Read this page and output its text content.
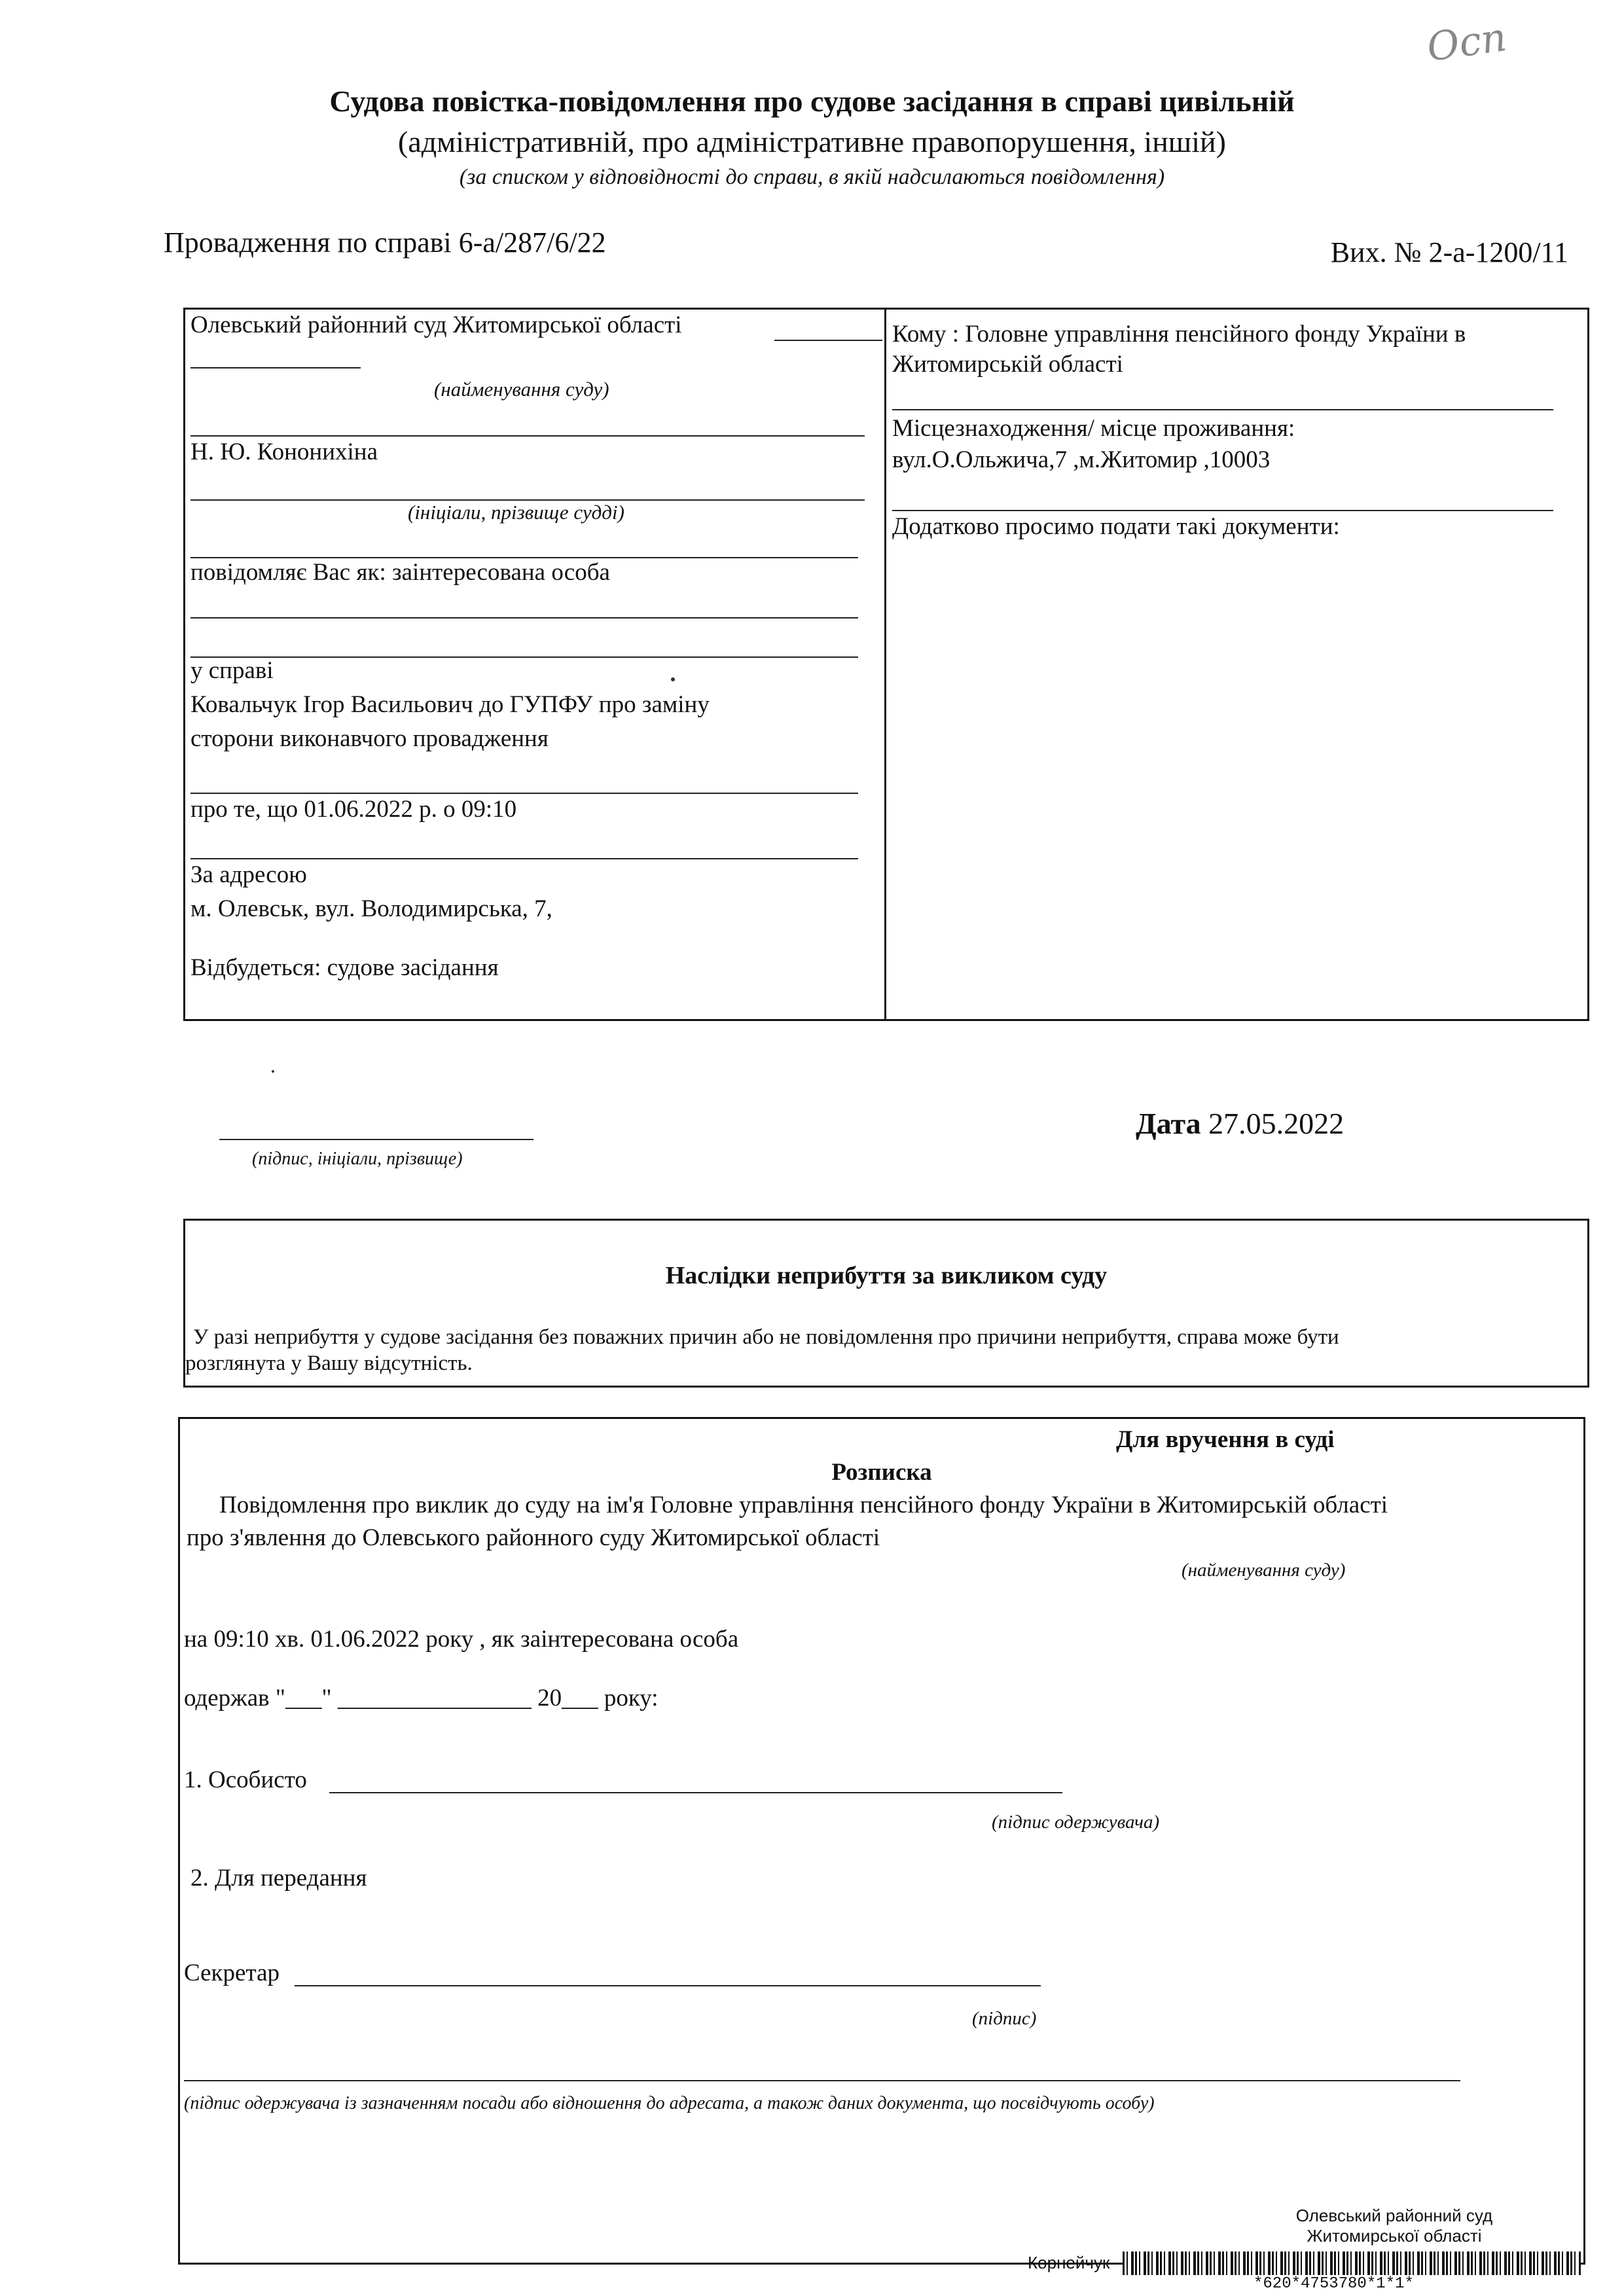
Осп
Судова повістка-повідомлення про судове засідання в справі цивільній
(адміністративній, про адміністративне правопорушення, іншій)
(за списком у відповідності до справи, в якій надсилаються повідомлення)
Провадження по справі 6-а/287/6/22	Вих. № 2-а-1200/11
Олевський районний суд Житомирської області
(найменування суду)
Н. Ю. Кононихіна
(ініціали, прізвище судді)
повідомляє Вас як: заінтересована особа
у справі
Ковальчук Ігор Васильович до ГУПФУ про заміну
сторони виконавчого провадження
про те, що 01.06.2022 р. о 09:10
За адресою
м. Олевськ, вул. Володимирська, 7,
Відбудеться: судове засідання
Кому : Головне управління пенсійного фонду України в
Житомирській області
Місцезнаходження/ місце проживання:
вул.О.Ольжича,7 ,м.Житомир ,10003
Додатково просимо подати такі документи:
(підпис, ініціали, прізвище)
Дата 27.05.2022
Наслідки неприбуття за викликом суду
У разі неприбуття у судове засідання без поважних причин або не повідомлення про причини неприбуття, справа може бути
розглянута у Вашу відсутність.
Для вручення в суді
Розписка
Повідомлення про виклик до суду на ім'я Головне управління пенсійного фонду України в Житомирській області
про з'явлення до Олевського районного суду Житомирської області
(найменування суду)
на 09:10 хв. 01.06.2022 року , як заінтересована особа
одержав "___" ________________ 20___ року:
1. Особисто
(підпис одержувача)
2. Для передання
Секретар
(підпис)
(підпис одержувача із зазначенням посади або відношення до адресата, а також даних документа, що посвідчують особу)
Олевський районний суд
Житомирської області
Корнейчук
*620*4753780*1*1*
